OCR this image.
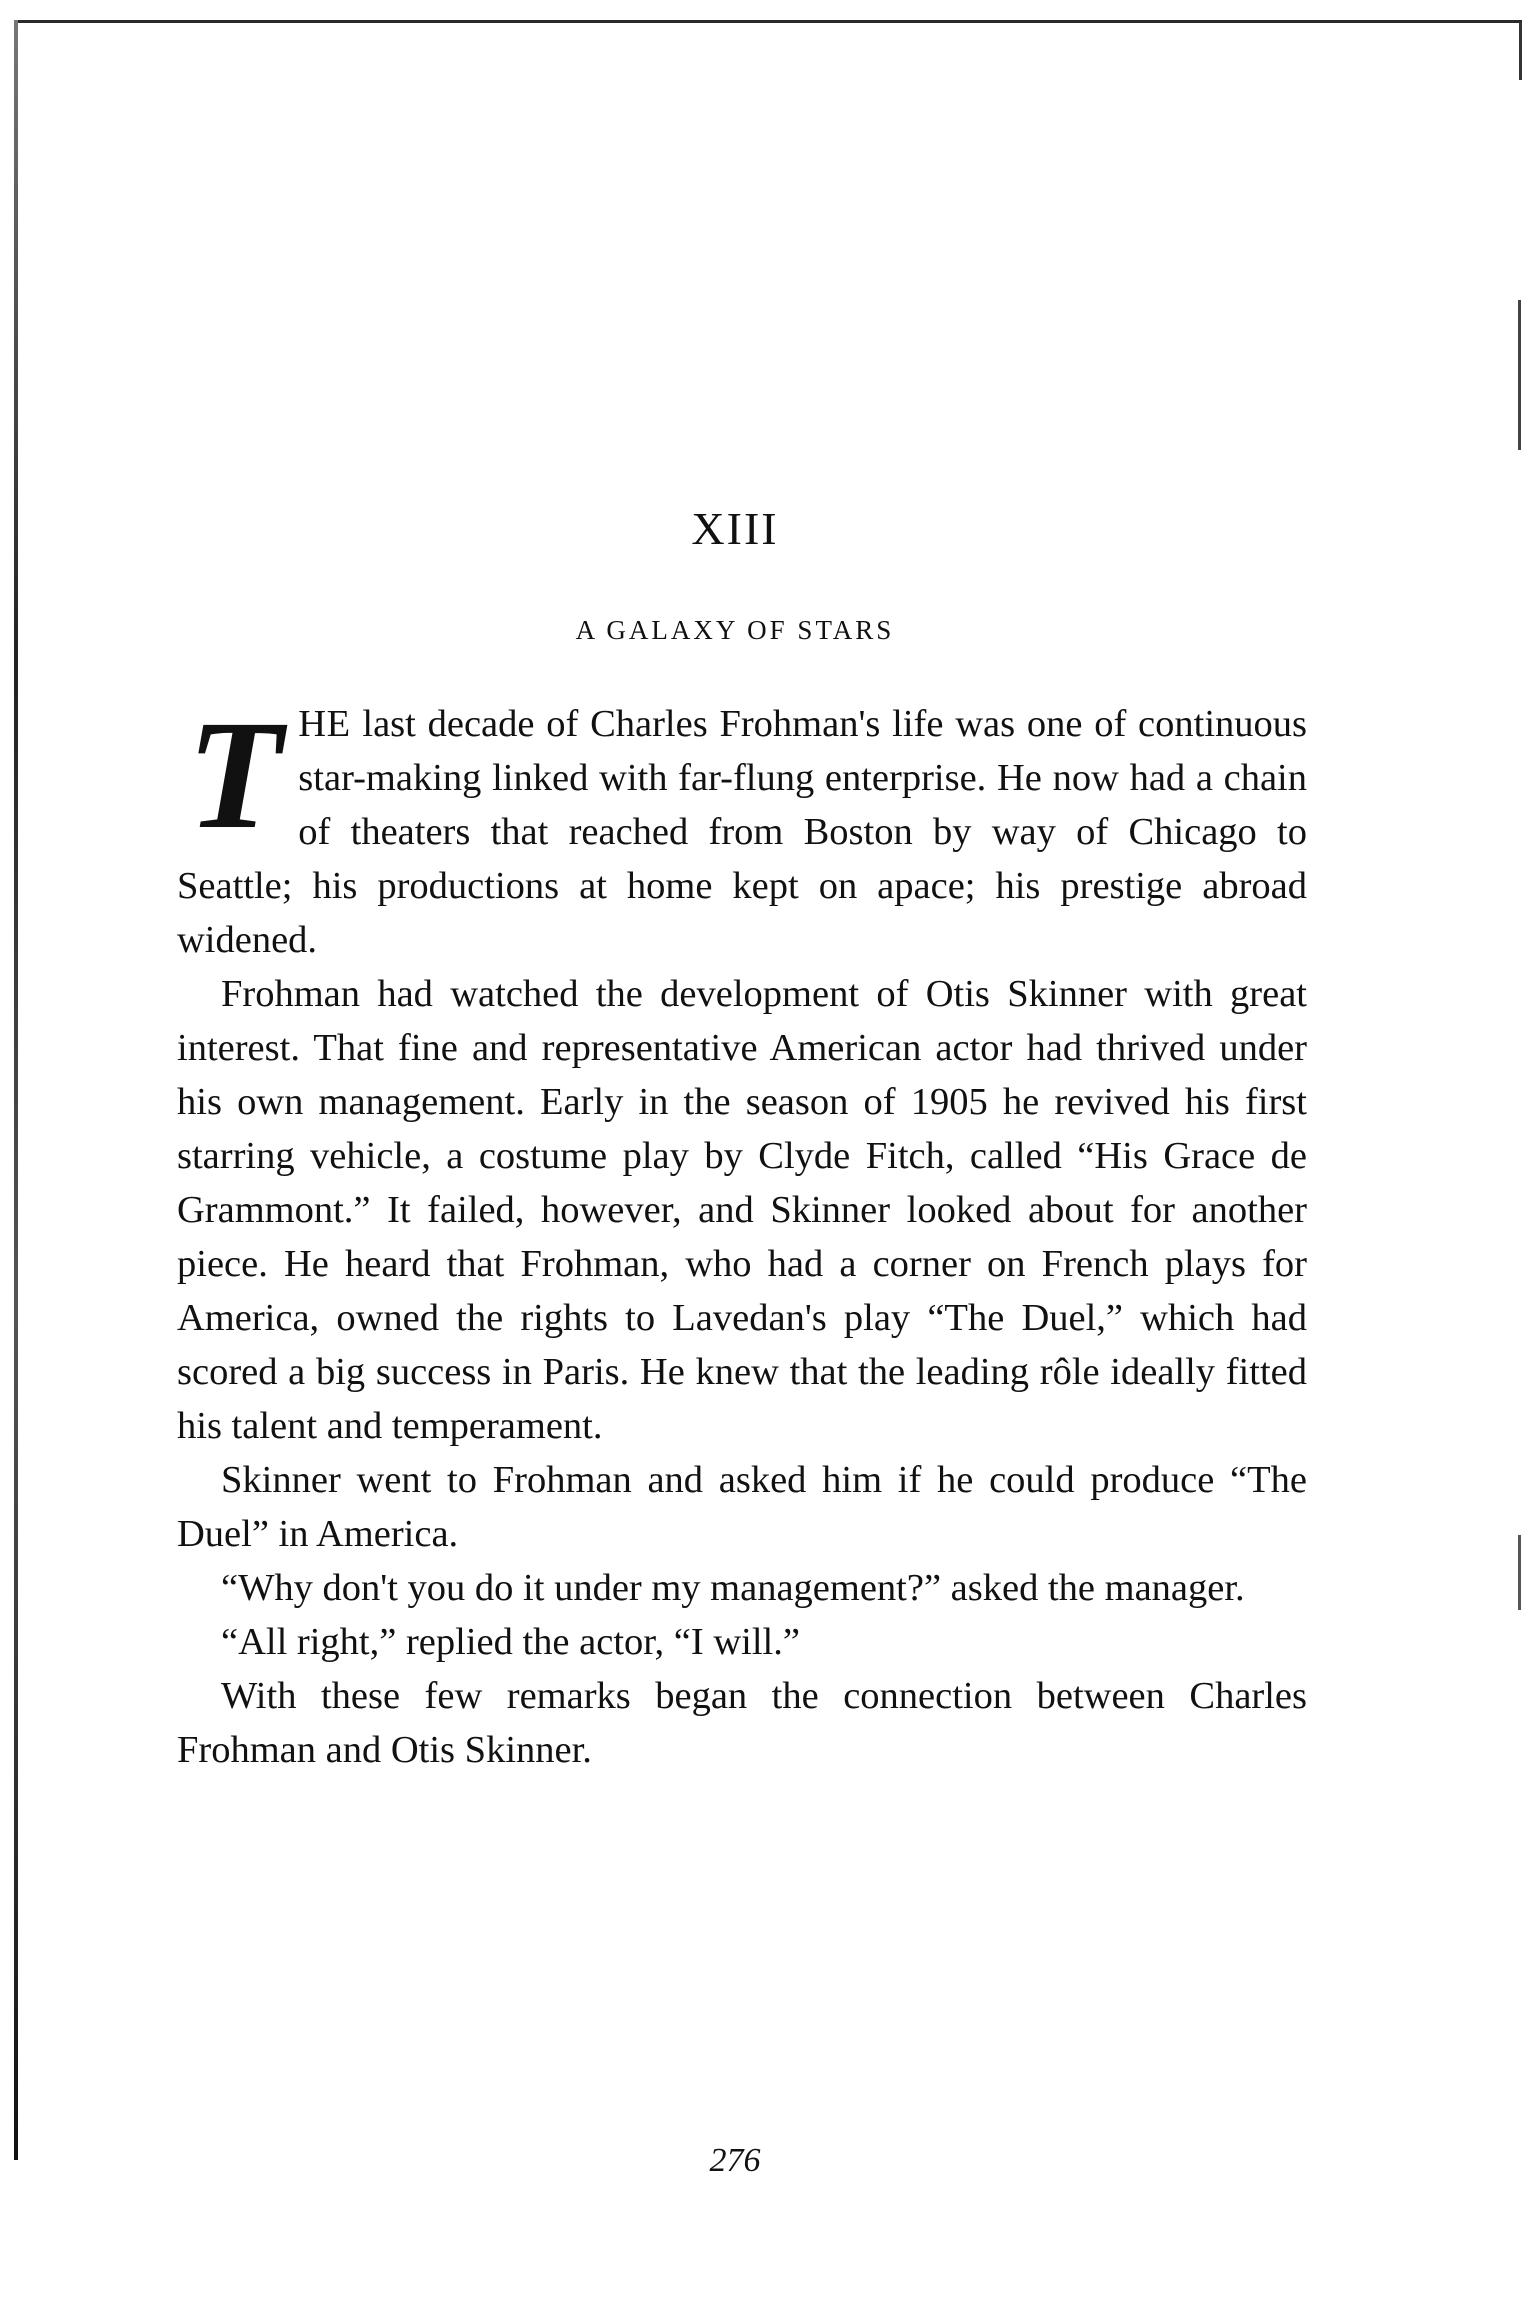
XIII
A GALAXY OF STARS

THE last decade of Charles Frohman's life was one of continuous star-making linked with far-flung enterprise. He now had a chain of theaters that reached from Boston by way of Chicago to Seattle; his productions at home kept on apace; his prestige abroad widened.

Frohman had watched the development of Otis Skinner with great interest. That fine and representative American actor had thrived under his own management. Early in the season of 1905 he revived his first starring vehicle, a costume play by Clyde Fitch, called “His Grace de Grammont.” It failed, however, and Skinner looked about for another piece. He heard that Frohman, who had a corner on French plays for America, owned the rights to Lavedan's play “The Duel,” which had scored a big success in Paris. He knew that the leading rôle ideally fitted his talent and temperament.

Skinner went to Frohman and asked him if he could produce “The Duel” in America.

“Why don't you do it under my management?” asked the manager.

“All right,” replied the actor, “I will.”

With these few remarks began the connection between Charles Frohman and Otis Skinner.

276
